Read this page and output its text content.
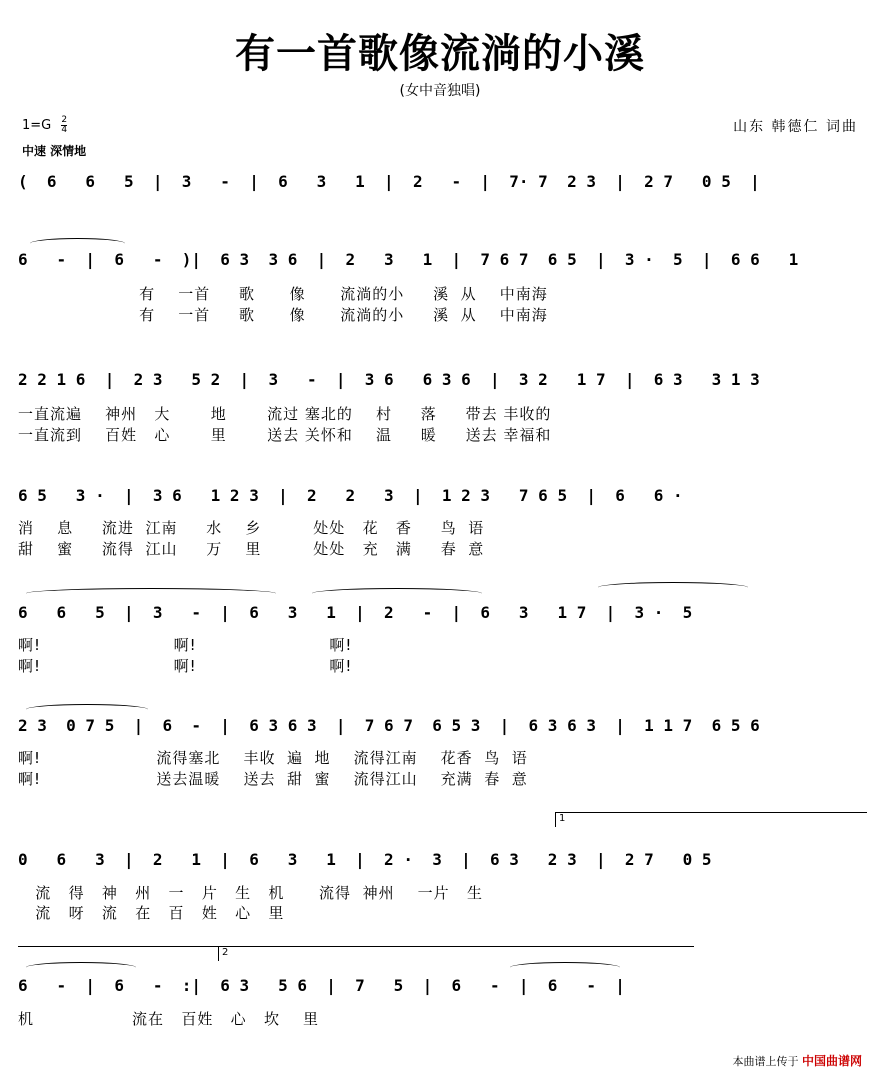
有一首歌像流淌的小溪
(女中音独唱)
$1=G \frac{2}{4}$
中速 深情地
山东 韩德仁 词曲
(  6   6   5  |  3   -  |  6   3   1  |  2   -  |  7· 7  2 3  |  2 7   0 5  |
6   -  |  6   -  )|  6 3  3 6  |  2   3   1  |  7 6 7  6 5  |  3 ·  5  |  6 6   1
有    一首     歌      像      流淌的小     溪  从    中南海
有    一首     歌      像      流淌的小     溪  从    中南海
2 2 1 6  |  2 3   5 2  |  3   -  |  3 6   6 3 6  |  3 2   1 7  |  6 3   3 1 3
一直流遍    神州   大       地       流过 塞北的    村     落     带去 丰收的
一直流到    百姓   心       里       送去 关怀和    温     暖     送去 幸福和
6 5   3 ·  |  3 6   1 2 3  |  2   2   3  |  1 2 3   7 6 5  |  6   6 ·
消    息     流进  江南     水    乡         处处   花   香     鸟  语
甜    蜜     流得  江山     万    里         处处   充   满     春  意
6   6   5  |  3   -  |  6   3   1  |  2   -  |  6   3   1 7  |  3 ·  5
啊!                       啊!                       啊!
啊!                       啊!                       啊!
2 3  0 7 5  |  6  -  |  6 3 6 3  |  7 6 7  6 5 3  |  6 3 6 3  |  1 1 7  6 5 6
啊!                    流得塞北    丰收  遍  地    流得江南    花香  鸟  语
啊!                    送去温暖    送去  甜  蜜    流得江山    充满  春  意
1
0   6   3  |  2   1  |  6   3   1  |  2 ·  3  |  6 3   2 3  |  2 7   0 5
流   得   神   州   一   片   生   机      流得  神州    一片   生
流   呀   流   在   百   姓   心   里
2
6   -  |  6   -  :|  6 3   5 6  |  7   5  |  6   -  |  6   -  |
机                 流在   百姓   心   坎    里
本曲谱上传于 中国曲谱网
